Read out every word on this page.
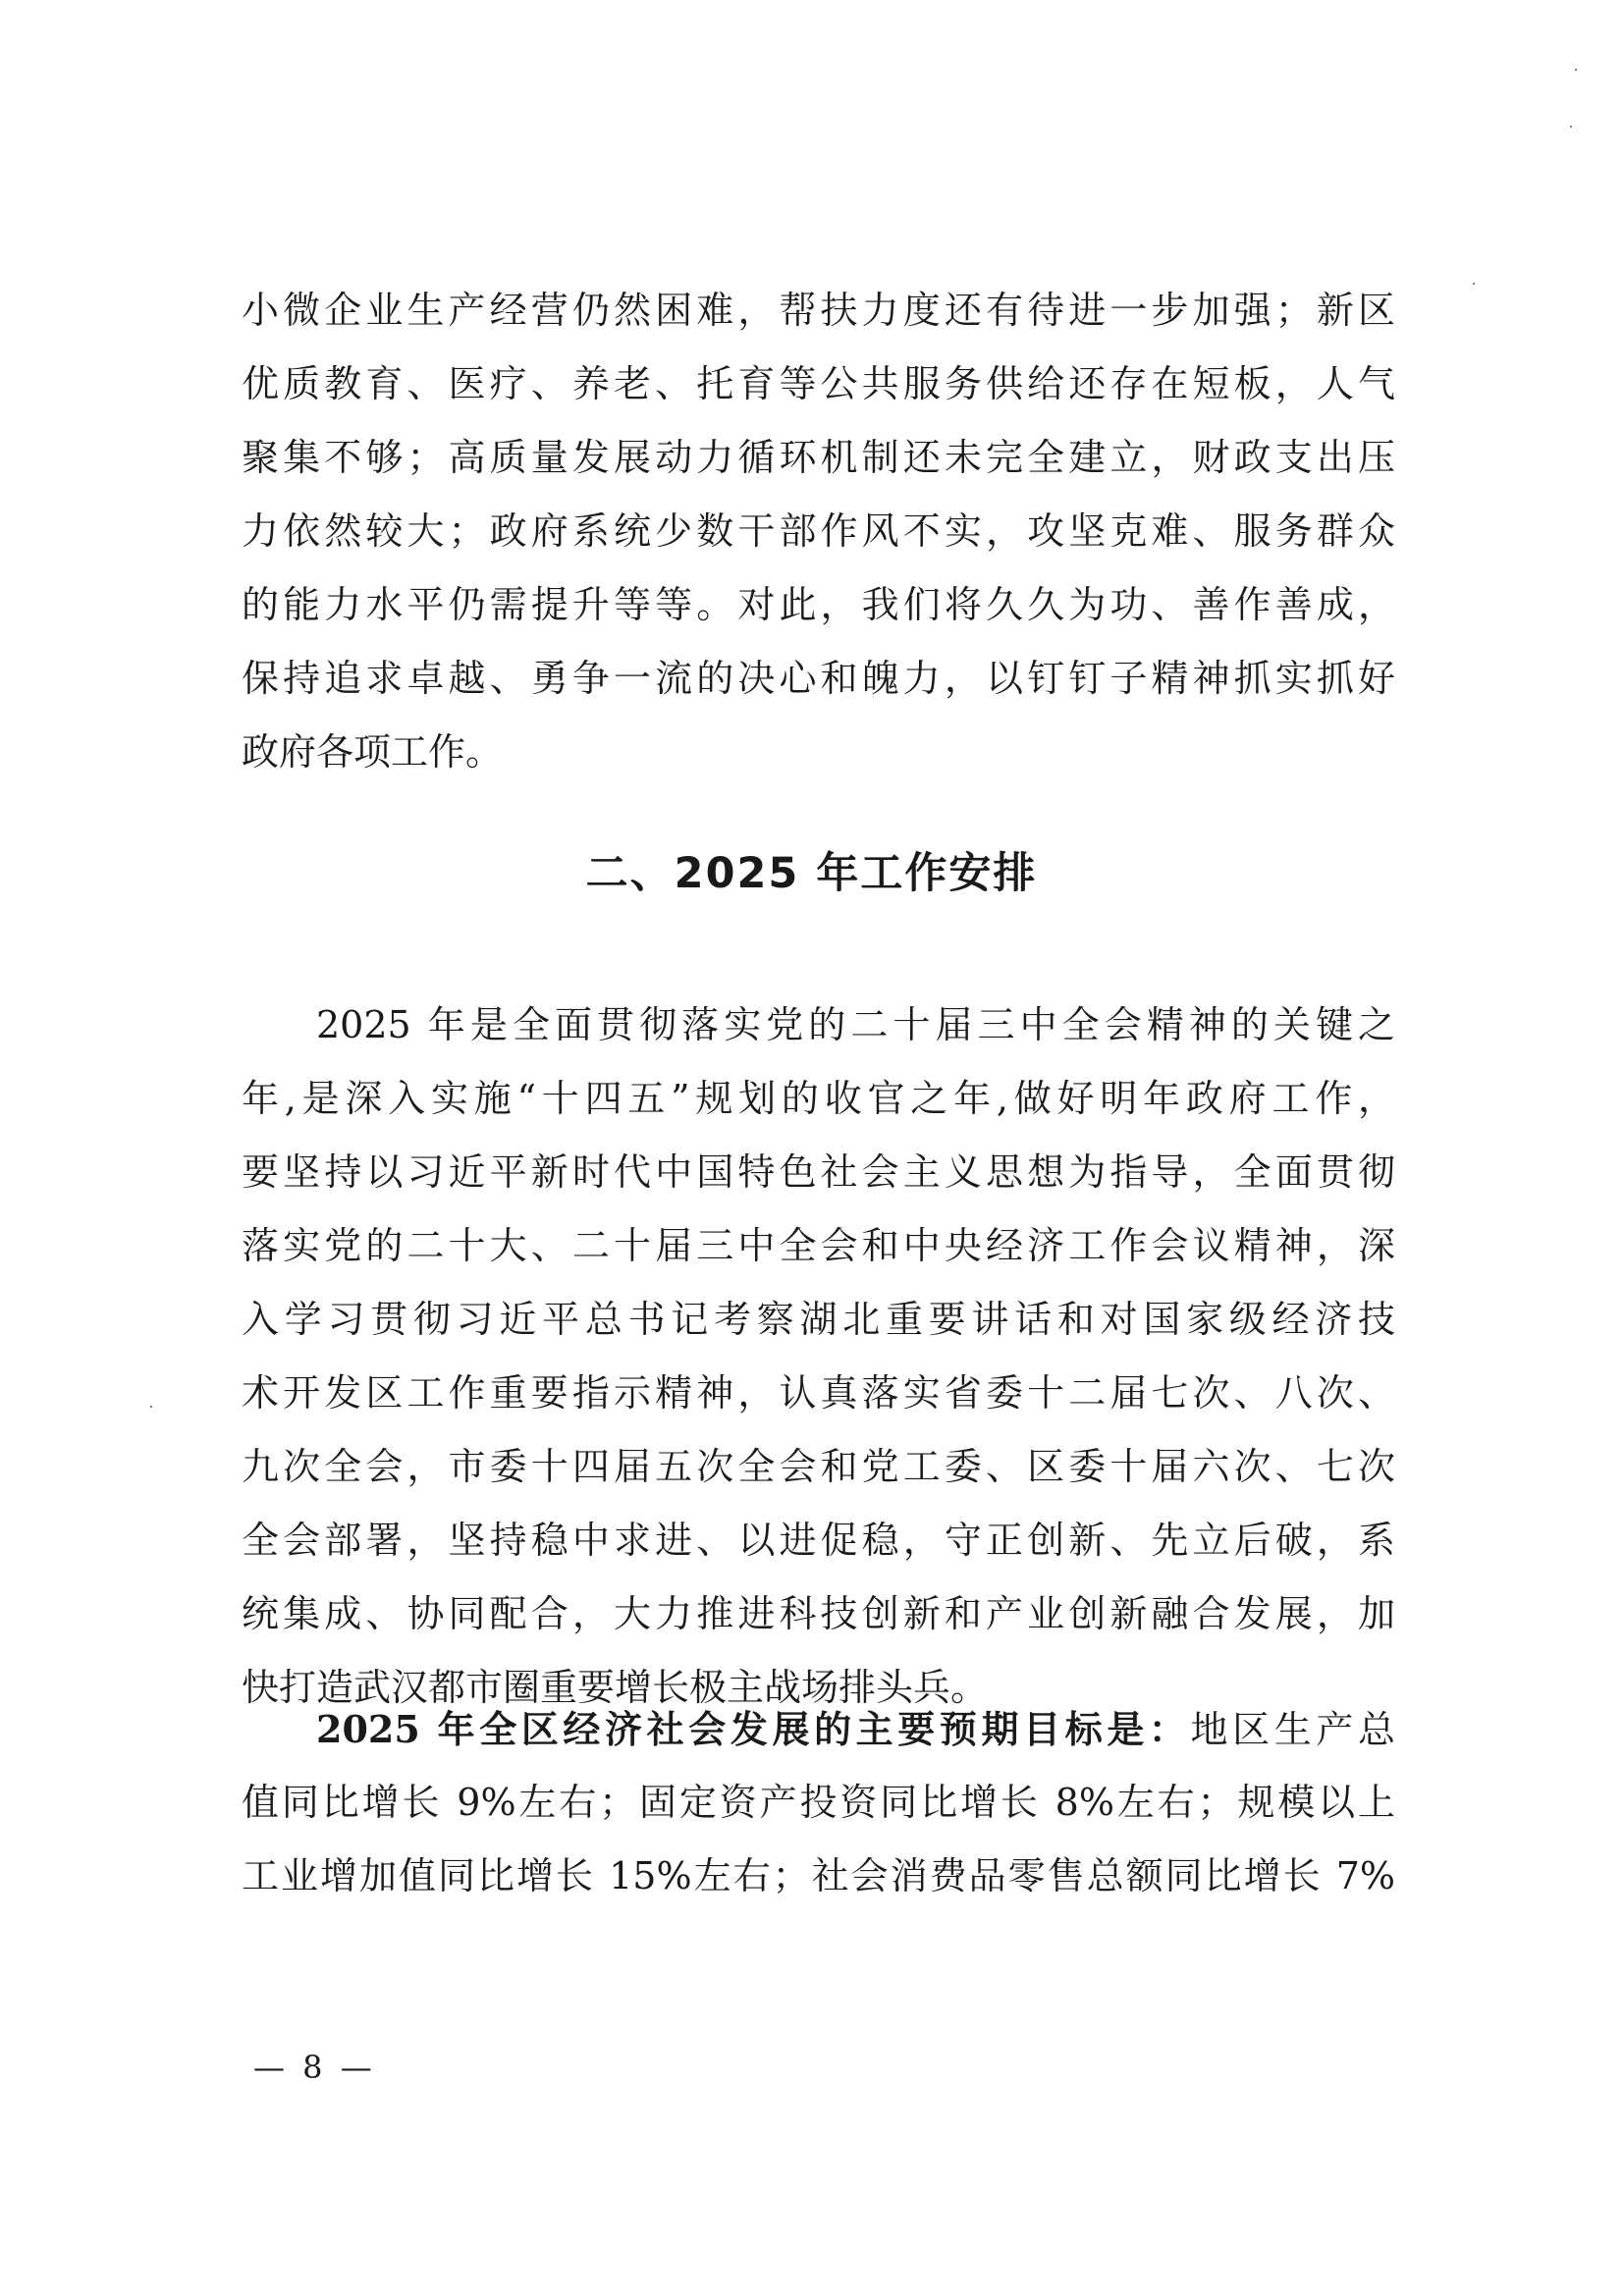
小微企业生产经营仍然困难，帮扶力度还有待进一步加强；新区
优质教育、医疗、养老、托育等公共服务供给还存在短板，人气
聚集不够；高质量发展动力循环机制还未完全建立，财政支出压
力依然较大；政府系统少数干部作风不实，攻坚克难、服务群众
的能力水平仍需提升等等。对此，我们将久久为功、善作善成，
保持追求卓越、勇争一流的决心和魄力，以钉钉子精神抓实抓好
政府各项工作。
二、2025 年工作安排
2025 年是全面贯彻落实党的二十届三中全会精神的关键之
年,是深入实施“十四五”规划的收官之年,做好明年政府工作，
要坚持以习近平新时代中国特色社会主义思想为指导，全面贯彻
落实党的二十大、二十届三中全会和中央经济工作会议精神，深
入学习贯彻习近平总书记考察湖北重要讲话和对国家级经济技
术开发区工作重要指示精神，认真落实省委十二届七次、八次、
九次全会，市委十四届五次全会和党工委、区委十届六次、七次
全会部署，坚持稳中求进、以进促稳，守正创新、先立后破，系
统集成、协同配合，大力推进科技创新和产业创新融合发展，加
快打造武汉都市圈重要增长极主战场排头兵。
2025 年全区经济社会发展的主要预期目标是：地区生产总
值同比增长 9%左右；固定资产投资同比增长 8%左右；规模以上
工业增加值同比增长 15%左右；社会消费品零售总额同比增长 7%
— 8 —
